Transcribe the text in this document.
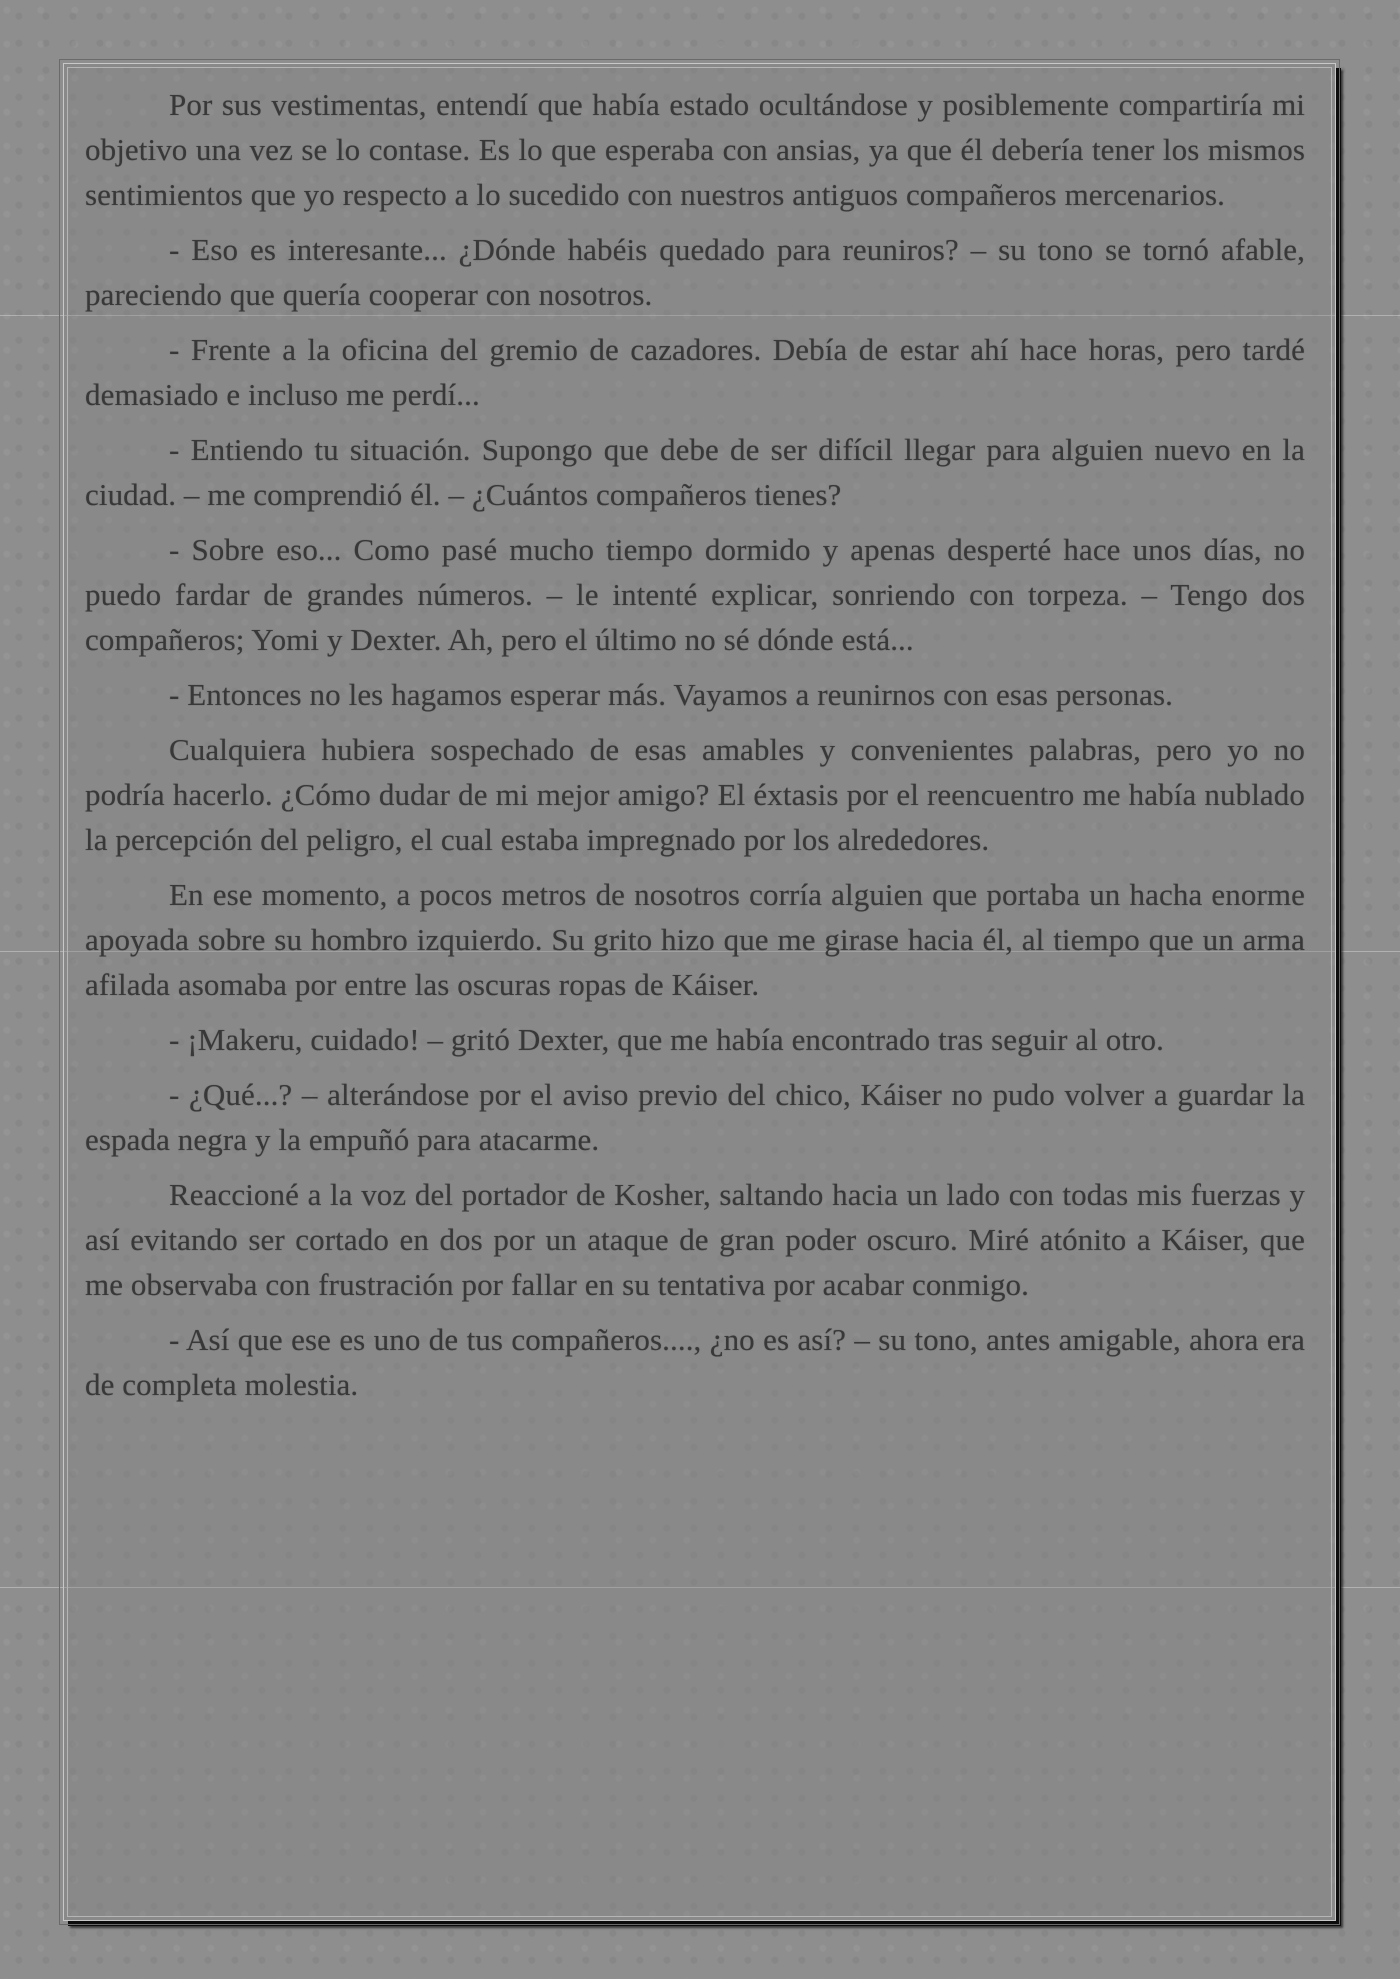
Por sus vestimentas, entendí que había estado ocultándose y posiblemente compartiría mi objetivo una vez se lo contase. Es lo que esperaba con ansias, ya que él debería tener los mismos sentimientos que yo respecto a lo sucedido con nuestros antiguos compañeros mercenarios.

- Eso es interesante... ¿Dónde habéis quedado para reuniros? – su tono se tornó afable, pareciendo que quería cooperar con nosotros.

- Frente a la oficina del gremio de cazadores. Debía de estar ahí hace horas, pero tardé demasiado e incluso me perdí...

- Entiendo tu situación. Supongo que debe de ser difícil llegar para alguien nuevo en la ciudad. – me comprendió él. – ¿Cuántos compañeros tienes?

- Sobre eso... Como pasé mucho tiempo dormido y apenas desperté hace unos días, no puedo fardar de grandes números. – le intenté explicar, sonriendo con torpeza. – Tengo dos compañeros; Yomi y Dexter. Ah, pero el último no sé dónde está...

- Entonces no les hagamos esperar más. Vayamos a reunirnos con esas personas.

Cualquiera hubiera sospechado de esas amables y convenientes palabras, pero yo no podría hacerlo. ¿Cómo dudar de mi mejor amigo? El éxtasis por el reencuentro me había nublado la percepción del peligro, el cual estaba impregnado por los alrededores.

En ese momento, a pocos metros de nosotros corría alguien que portaba un hacha enorme apoyada sobre su hombro izquierdo. Su grito hizo que me girase hacia él, al tiempo que un arma afilada asomaba por entre las oscuras ropas de Káiser.

- ¡Makeru, cuidado! – gritó Dexter, que me había encontrado tras seguir al otro.

- ¿Qué...? – alterándose por el aviso previo del chico, Káiser no pudo volver a guardar la espada negra y la empuñó para atacarme.

Reaccioné a la voz del portador de Kosher, saltando hacia un lado con todas mis fuerzas y así evitando ser cortado en dos por un ataque de gran poder oscuro. Miré atónito a Káiser, que me observaba con frustración por fallar en su tentativa por acabar conmigo.

- Así que ese es uno de tus compañeros...., ¿no es así? – su tono, antes amigable, ahora era de completa molestia.
